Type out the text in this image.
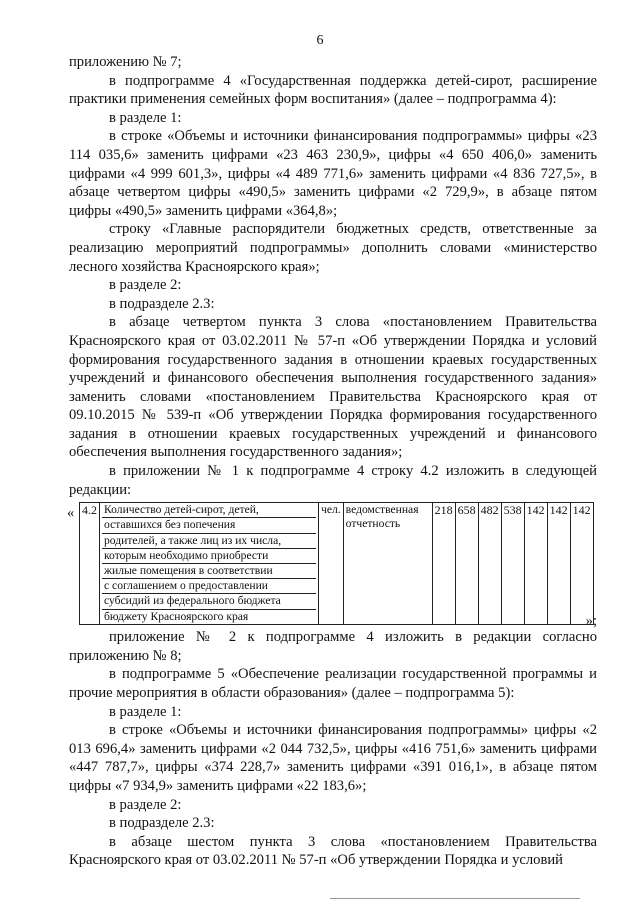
6

приложению № 7;

в подпрограмме 4 «Государственная поддержка детей-сирот, расширение практики применения семейных форм воспитания» (далее – подпрограмма 4):

в разделе 1:

в строке «Объемы и источники финансирования подпрограммы» цифры «23 114 035,6» заменить цифрами «23 463 230,9», цифры «4 650 406,0» заменить цифрами «4 999 601,3», цифры «4 489 771,6» заменить цифрами «4 836 727,5», в абзаце четвертом цифры «490,5» заменить цифрами «2 729,9», в абзаце пятом цифры «490,5» заменить цифрами «364,8»;

строку «Главные распорядители бюджетных средств, ответственные за реализацию мероприятий подпрограммы» дополнить словами «министерство лесного хозяйства Красноярского края»;

в разделе 2:

в подразделе 2.3:

в абзаце четвертом пункта 3 слова «постановлением Правительства Красноярского края от 03.02.2011 № 57-п «Об утверждении Порядка и условий формирования государственного задания в отношении краевых государственных учреждений и финансового обеспечения выполнения государственного задания» заменить словами «постановлением Правительства Красноярского края от 09.10.2015 № 539-п «Об утверждении Порядка формирования государственного задания в отношении краевых государственных учреждений и финансового обеспечения выполнения государственного задания»;

в приложении № 1 к подпрограмме 4 строку 4.2 изложить в следующей редакции:

« 4.2	Количество детей-сирот, детей,
оставшихся без попечения
родителей, а также лиц из их числа,
которым необходимо приобрести
жилые помещения в соответствии
с соглашением о предоставлении
субсидий из федерального бюджета
бюджету Красноярского края
	чел.	ведомственная отчетность	218	658	482	538	142	142	142
»;

приложение № 2 к подпрограмме 4 изложить в редакции согласно приложению № 8;

в подпрограмме 5 «Обеспечение реализации государственной программы и прочие мероприятия в области образования» (далее – подпрограмма 5):

в разделе 1:

в строке «Объемы и источники финансирования подпрограммы» цифры «2 013 696,4» заменить цифрами «2 044 732,5», цифры «416 751,6» заменить цифрами «447 787,7», цифры «374 228,7» заменить цифрами «391 016,1», в абзаце пятом цифры «7 934,9» заменить цифрами «22 183,6»;

в разделе 2:

в подразделе 2.3:

в абзаце шестом пункта 3 слова «постановлением Правительства Красноярского края от 03.02.2011 № 57-п «Об утверждении Порядка и условий
